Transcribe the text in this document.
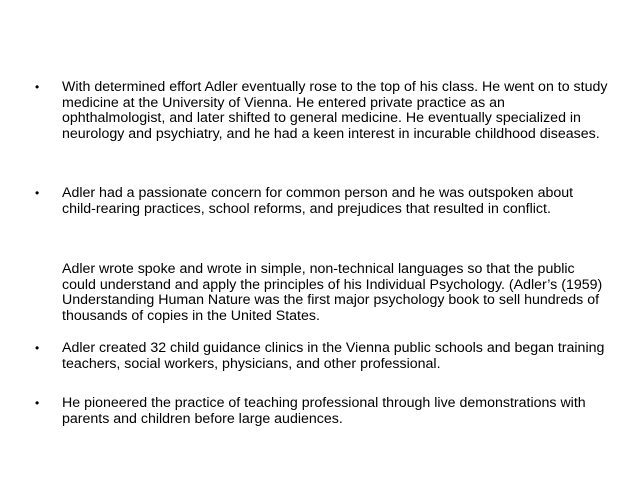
• With determined effort Adler eventually rose to the top of his class. He went on to study medicine at the University of Vienna. He entered private practice as an ophthalmologist, and later shifted to general medicine. He eventually specialized in neurology and psychiatry, and he had a keen interest in incurable childhood diseases.

• Adler had a passionate concern for common person and he was outspoken about child-rearing practices, school reforms, and prejudices that resulted in conflict.

Adler wrote spoke and wrote in simple, non-technical languages so that the public could understand and apply the principles of his Individual Psychology. (Adler’s (1959) Understanding Human Nature was the first major psychology book to sell hundreds of thousands of copies in the United States.

• Adler created 32 child guidance clinics in the Vienna public schools and began training teachers, social workers, physicians, and other professional.

• He pioneered the practice of teaching professional through live demonstrations with parents and children before large audiences.
